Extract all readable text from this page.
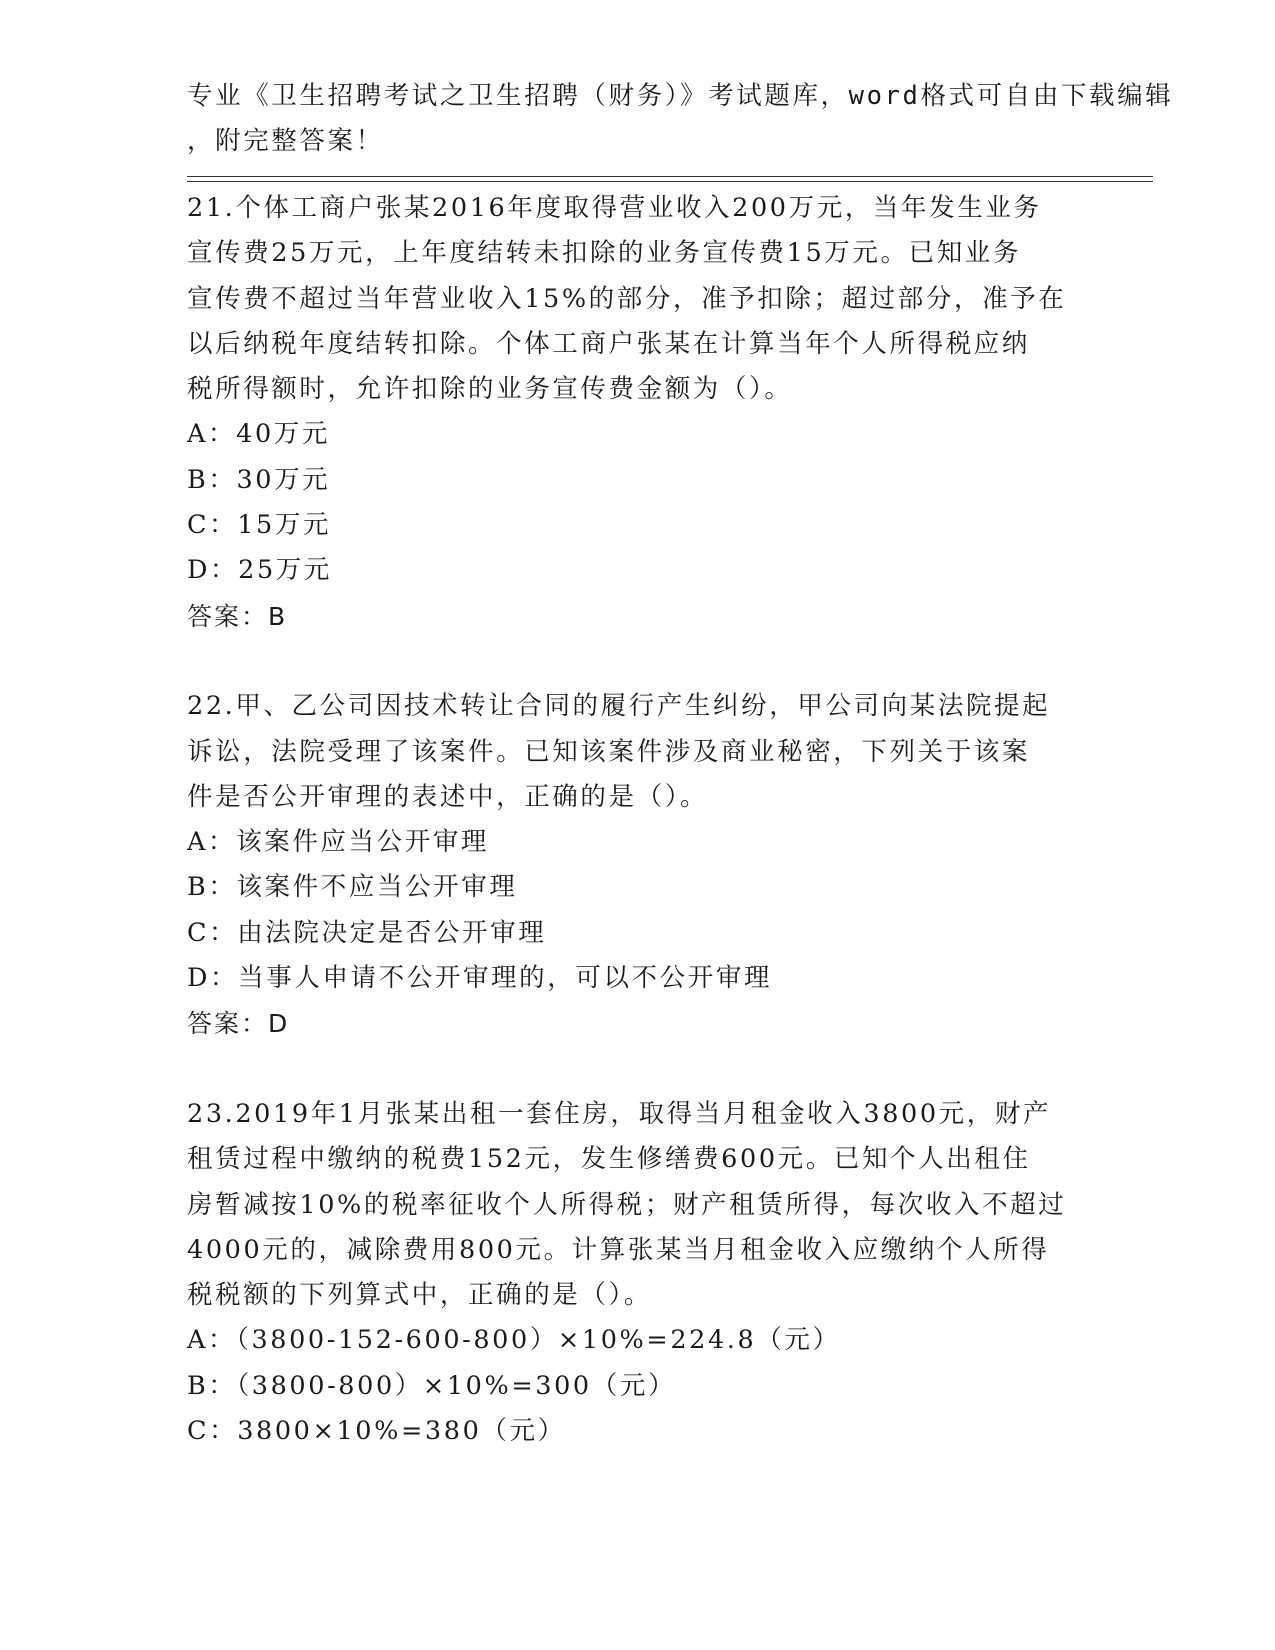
专业《卫生招聘考试之卫生招聘（财务）》考试题库，word格式可自由下载编辑
，附完整答案！
21.个体工商户张某2016年度取得营业收入200万元，当年发生业务
宣传费25万元，上年度结转未扣除的业务宣传费15万元。已知业务
宣传费不超过当年营业收入15%的部分，准予扣除；超过部分，准予在
以后纳税年度结转扣除。个体工商户张某在计算当年个人所得税应纳
税所得额时，允许扣除的业务宣传费金额为（）。
A：40万元
B：30万元
C：15万元
D：25万元
答案：B
22.甲、乙公司因技术转让合同的履行产生纠纷，甲公司向某法院提起
诉讼，法院受理了该案件。已知该案件涉及商业秘密，下列关于该案
件是否公开审理的表述中，正确的是（）。
A：该案件应当公开审理
B：该案件不应当公开审理
C：由法院决定是否公开审理
D：当事人申请不公开审理的，可以不公开审理
答案：D
23.2019年1月张某出租一套住房，取得当月租金收入3800元，财产
租赁过程中缴纳的税费152元，发生修缮费600元。已知个人出租住
房暂减按10%的税率征收个人所得税；财产租赁所得，每次收入不超过
4000元的，减除费用800元。计算张某当月租金收入应缴纳个人所得
税税额的下列算式中，正确的是（）。
A：（3800-152-600-800）×10%=224.8（元）
B：（3800-800）×10%=300（元）
C：3800×10%=380（元）
